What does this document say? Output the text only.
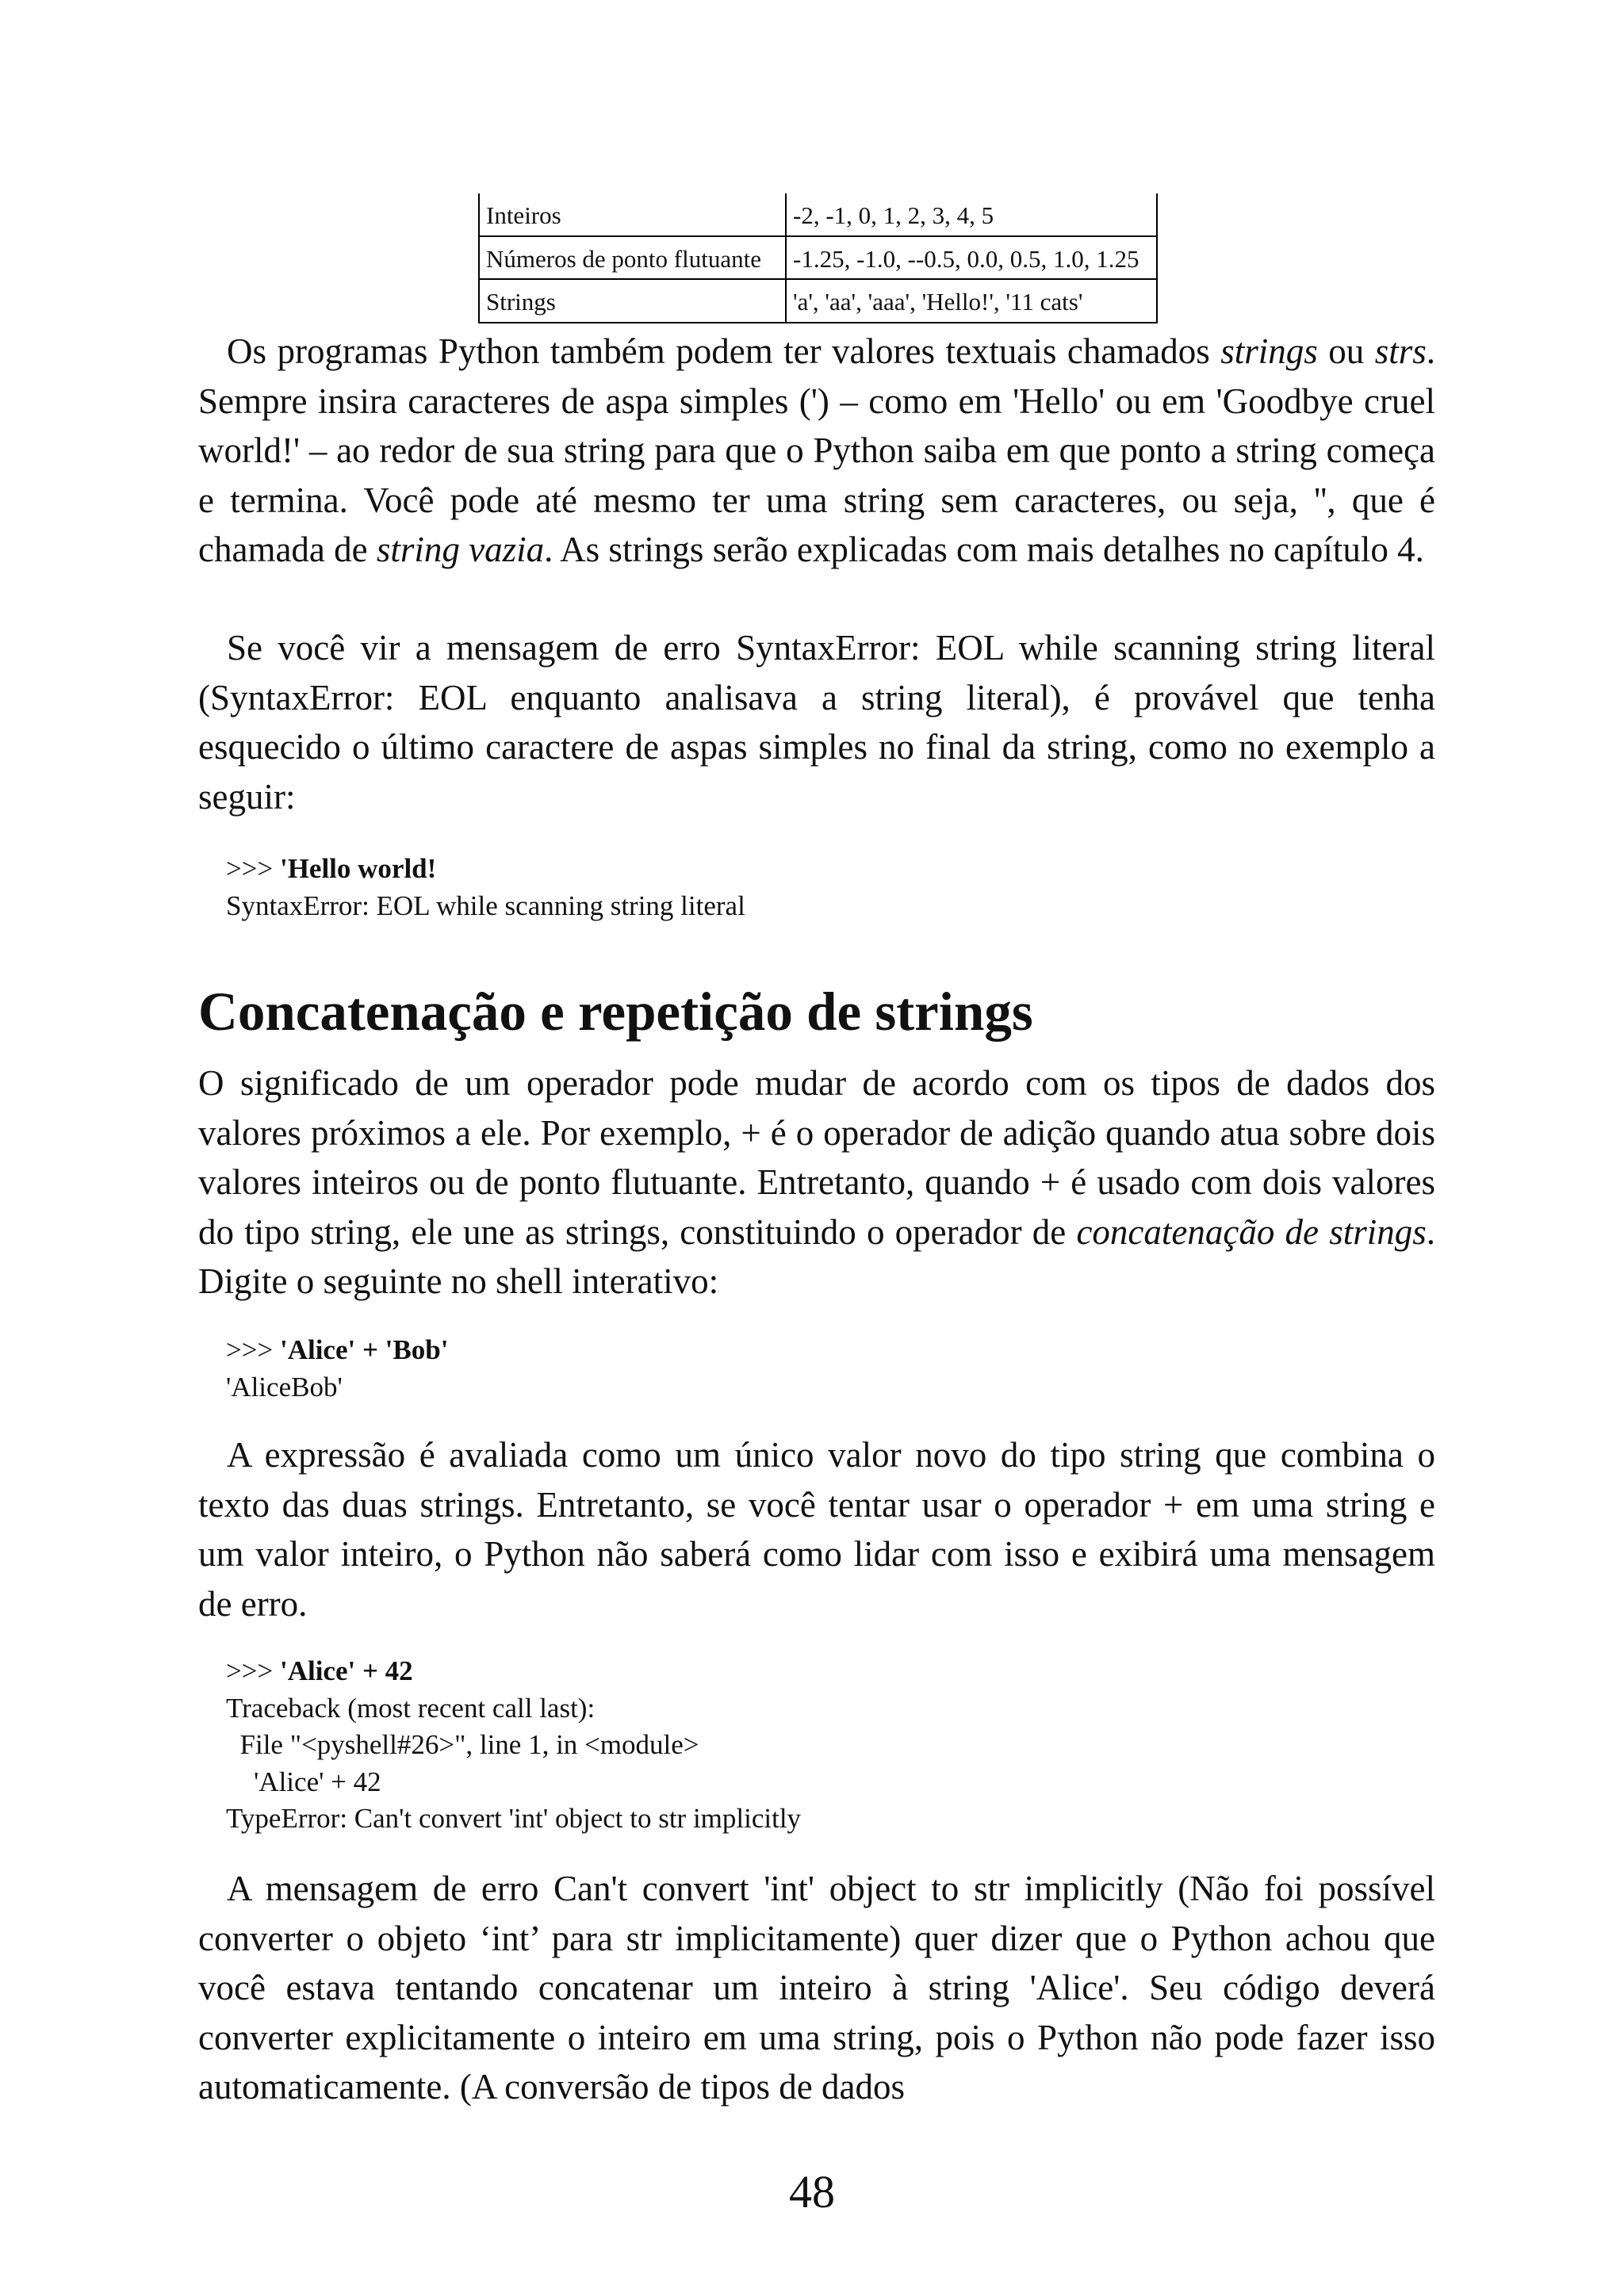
Inteiros	-2, -1, 0, 1, 2, 3, 4, 5
Números de ponto flutuante	-1.25, -1.0, --0.5, 0.0, 0.5, 1.0, 1.25
Strings	'a', 'aa', 'aaa', 'Hello!', '11 cats'

Os programas Python também podem ter valores textuais chamados strings ou strs. Sempre insira caracteres de aspa simples (') – como em 'Hello' ou em 'Goodbye cruel world!' – ao redor de sua string para que o Python saiba em que ponto a string começa e termina. Você pode até mesmo ter uma string sem caracteres, ou seja, '', que é chamada de string vazia. As strings serão explicadas com mais detalhes no capítulo 4.

Se você vir a mensagem de erro SyntaxError: EOL while scanning string literal (SyntaxError: EOL enquanto analisava a string literal), é provável que tenha esquecido o último caractere de aspas simples no final da string, como no exemplo a seguir:

>>> 'Hello world!
SyntaxError: EOL while scanning string literal
Concatenação e repetição de strings

O significado de um operador pode mudar de acordo com os tipos de dados dos valores próximos a ele. Por exemplo, + é o operador de adição quando atua sobre dois valores inteiros ou de ponto flutuante. Entretanto, quando + é usado com dois valores do tipo string, ele une as strings, constituindo o operador de concatenação de strings. Digite o seguinte no shell interativo:

>>> 'Alice' + 'Bob'
'AliceBob'

A expressão é avaliada como um único valor novo do tipo string que combina o texto das duas strings. Entretanto, se você tentar usar o operador + em uma string e um valor inteiro, o Python não saberá como lidar com isso e exibirá uma mensagem de erro.

>>> 'Alice' + 42
Traceback (most recent call last):
File "<pyshell#26>", line 1, in <module>
'Alice' + 42
TypeError: Can't convert 'int' object to str implicitly

A mensagem de erro Can't convert 'int' object to str implicitly (Não foi possível converter o objeto ‘int’ para str implicitamente) quer dizer que o Python achou que você estava tentando concatenar um inteiro à string 'Alice'. Seu código deverá converter explicitamente o inteiro em uma string, pois o Python não pode fazer isso automaticamente. (A conversão de tipos de dados

48
